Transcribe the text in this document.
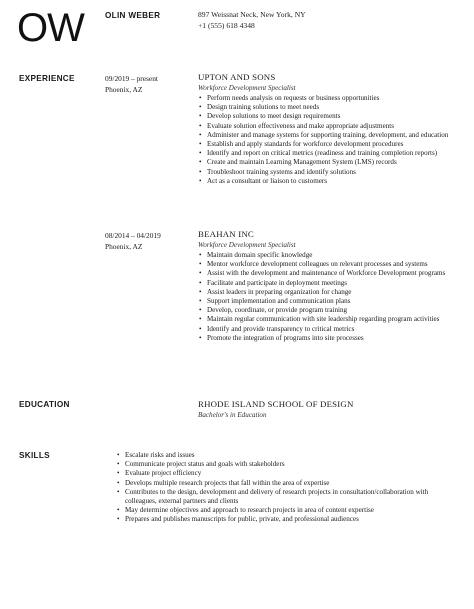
OW	OLIN WEBER	897 Weissnat Neck, New York, NY
+1 (555) 618 4348
EXPERIENCE	09/2019 – present
Phoenix, AZ
UPTON AND SONS
Workforce Development Specialist
• Perform needs analysis on requests or business opportunities
• Design training solutions to meet needs
• Develop solutions to meet design requirements
• Evaluate solution effectiveness and make appropriate adjustments
• Administer and manage systems for supporting training, development, and education
• Establish and apply standards for workforce development procedures
• Identify and report on critical metrics (readiness and training completion reports)
• Create and maintain Learning Management System (LMS) records
• Troubleshoot training systems and identify solutions
• Act as a consultant or liaison to customers
08/2014 – 04/2019
Phoenix, AZ
BEAHAN INC
Workforce Development Specialist
• Maintain domain specific knowledge
• Mentor workforce development colleagues on relevant processes and systems
• Assist with the development and maintenance of Workforce Development programs
• Facilitate and participate in deployment meetings
• Assist leaders in preparing organization for change
• Support implementation and communication plans
• Develop, coordinate, or provide program training
• Maintain regular communication with site leadership regarding program activities
• Identify and provide transparency to critical metrics
• Promote the integration of programs into site processes
EDUCATION	RHODE ISLAND SCHOOL OF DESIGN
Bachelor's in Education
SKILLS
•	Escalate risks and issues
• Communicate project status and goals with stakeholders
• Evaluate project efficiency
• Develops multiple research projects that fall within the area of expertise
• Contributes to the design, development and delivery of research projects in consultation/collaboration with colleagues, external partners and clients
• May determine objectives and approach to research projects in area of content expertise
• Prepares and publishes manuscripts for public, private, and professional audiences
